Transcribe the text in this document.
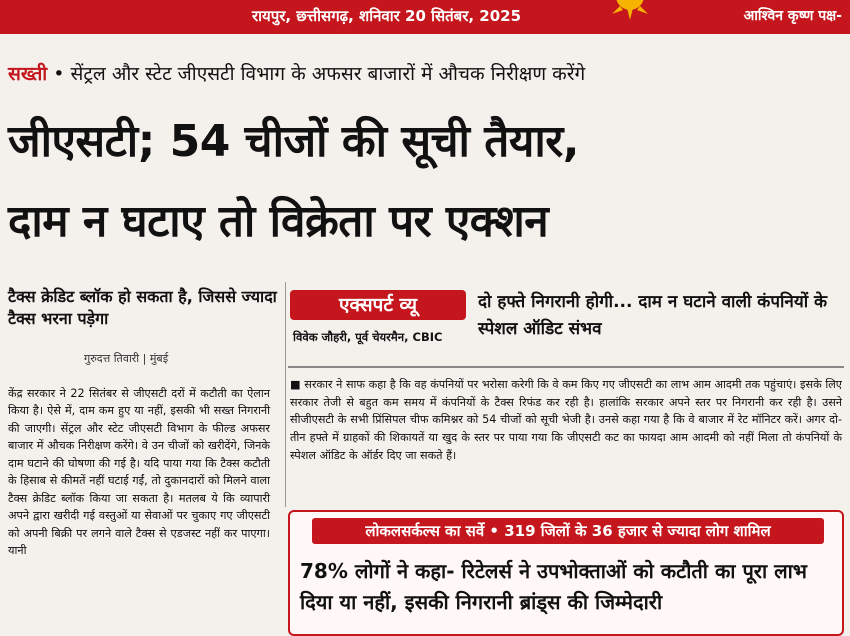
रायपुर, छत्तीसगढ़, शनिवार 20 सितंबर, 2025	आश्विन कृष्ण पक्ष-
सख्ती • सेंट्रल और स्टेट जीएसटी विभाग के अफसर बाजारों में औचक निरीक्षण करेंगे
जीएसटी; 54 चीजों की सूची तैयार,
दाम न घटाए तो विक्रेता पर एक्शन
टैक्स क्रेडिट ब्लॉक हो सकता है, जिससे ज्यादा टैक्स भरना पड़ेगा
गुरुदत्त तिवारी | मुंबई
केंद्र सरकार ने 22 सितंबर से जीएसटी दरों में कटौती का ऐलान किया है। ऐसे में, दाम कम हुए या नहीं, इसकी भी सख्त निगरानी की जाएगी। सेंट्रल और स्टेट जीएसटी विभाग के फील्ड अफसर बाजार में औचक निरीक्षण करेंगे। वे उन चीजों को खरीदेंगे, जिनके दाम घटाने की घोषणा की गई है। यदि पाया गया कि टैक्स कटौती के हिसाब से कीमतें नहीं घटाई गईं, तो दुकानदारों को मिलने वाला टैक्स क्रेडिट ब्लॉक किया जा सकता है। मतलब ये कि व्यापारी अपने द्वारा खरीदी गई वस्तुओं या सेवाओं पर चुकाए गए जीएसटी को अपनी बिक्री पर लगने वाले टैक्स से एडजस्ट नहीं कर पाएगा। यानी
एक्सपर्ट व्यू
विवेक जौहरी, पूर्व चेयरमैन, CBIC
दो हफ्ते निगरानी होगी... दाम न घटाने वाली कंपनियों के स्पेशल ऑडिट संभव
■ सरकार ने साफ कहा है कि वह कंपनियों पर भरोसा करेगी कि वे कम किए गए जीएसटी का लाभ आम आदमी तक पहुंचाएं। इसके लिए सरकार तेजी से बहुत कम समय में कंपनियों के टैक्स रिफंड कर रही है। हालांकि सरकार अपने स्तर पर निगरानी कर रही है। उसने सीजीएसटी के सभी प्रिंसिपल चीफ कमिश्नर को 54 चीजों को सूची भेजी है। उनसे कहा गया है कि वे बाजार में रेट मॉनिटर करें। अगर दो-तीन हफ्ते में ग्राहकों की शिकायतें या खुद के स्तर पर पाया गया कि जीएसटी कट का फायदा आम आदमी को नहीं मिला तो कंपनियों के स्पेशल ऑडिट के ऑर्डर दिए जा सकते हैं।
लोकलसर्कल्स का सर्वे • 319 जिलों के 36 हजार से ज्यादा लोग शामिल
78% लोगों ने कहा- रिटेलर्स ने उपभोक्ताओं को कटौती का पूरा लाभ दिया या नहीं, इसकी निगरानी ब्रांड्स की जिम्मेदारी
